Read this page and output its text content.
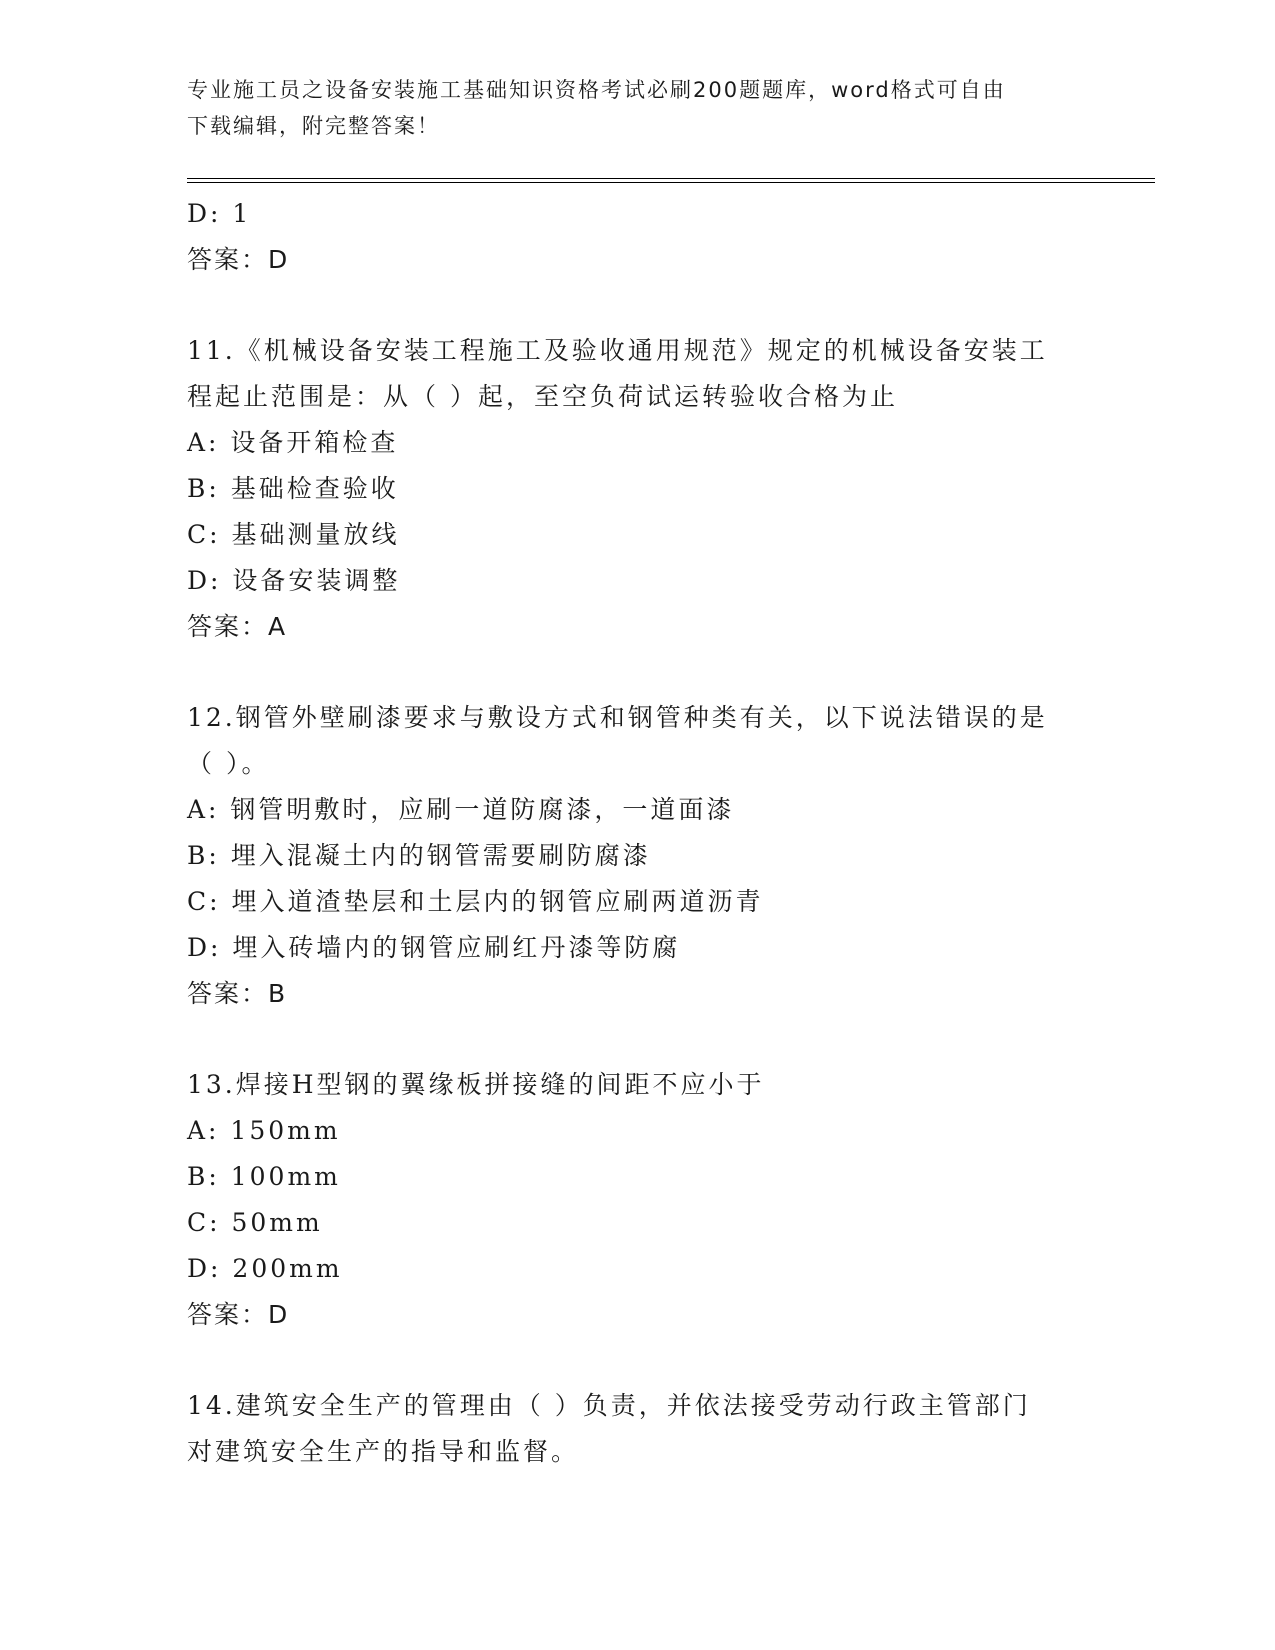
专业施工员之设备安装施工基础知识资格考试必刷200题题库，word格式可自由
下载编辑，附完整答案！
D: 1
答案：D
11.《机械设备安装工程施工及验收通用规范》规定的机械设备安装工
程起止范围是：从（ ）起，至空负荷试运转验收合格为止
A: 设备开箱检查
B: 基础检查验收
C: 基础测量放线
D: 设备安装调整
答案：A
12.钢管外壁刷漆要求与敷设方式和钢管种类有关，以下说法错误的是
（ ）。
A: 钢管明敷时，应刷一道防腐漆，一道面漆
B: 埋入混凝土内的钢管需要刷防腐漆
C: 埋入道渣垫层和土层内的钢管应刷两道沥青
D: 埋入砖墙内的钢管应刷红丹漆等防腐
答案：B
13.焊接H型钢的翼缘板拼接缝的间距不应小于
A: 150mm
B: 100mm
C: 50mm
D: 200mm
答案：D
14.建筑安全生产的管理由（ ）负责，并依法接受劳动行政主管部门
对建筑安全生产的指导和监督。
